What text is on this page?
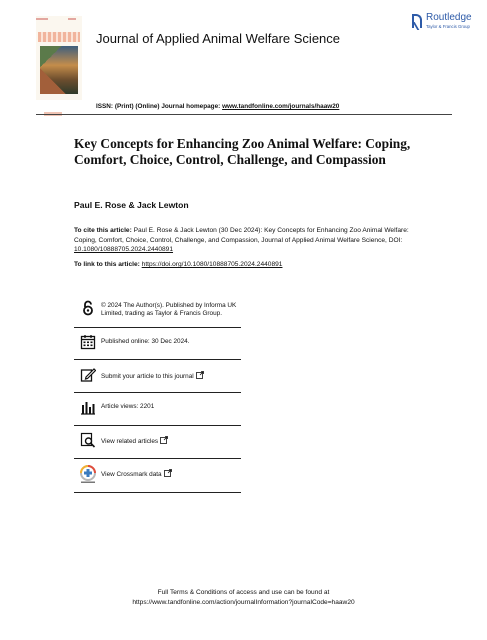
Journal of Applied Animal Welfare Science
Routledge
Taylor & Francis Group
ISSN: (Print) (Online) Journal homepage: www.tandfonline.com/journals/haaw20
Key Concepts for Enhancing Zoo Animal Welfare: Coping, Comfort, Choice, Control, Challenge, and Compassion
Paul E. Rose & Jack Lewton
To cite this article: Paul E. Rose & Jack Lewton (30 Dec 2024): Key Concepts for Enhancing Zoo Animal Welfare: Coping, Comfort, Choice, Control, Challenge, and Compassion, Journal of Applied Animal Welfare Science, DOI: 10.1080/10888705.2024.2440891
To link to this article: https://doi.org/10.1080/10888705.2024.2440891
© 2024 The Author(s). Published by Informa UK Limited, trading as Taylor & Francis Group.
Published online: 30 Dec 2024.
Submit your article to this journal
Article views: 2201
View related articles
View Crossmark data
Full Terms & Conditions of access and use can be found at
https://www.tandfonline.com/action/journalInformation?journalCode=haaw20
